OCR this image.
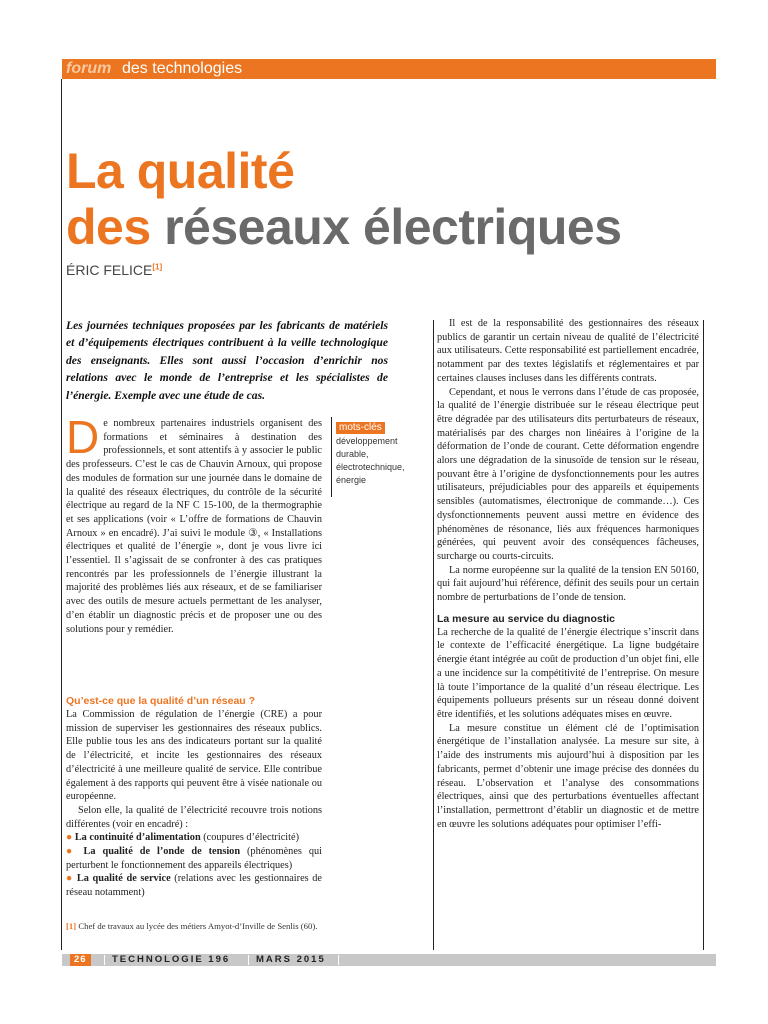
forum des technologies
La qualité
des réseaux électriques
ÉRIC FELICE[1]
Les journées techniques proposées par les fabricants de matériels et d’équipements électriques contribuent à la veille technologique des enseignants. Elles sont aussi l’occasion d’enrichir nos relations avec le monde de l’entreprise et les spécialistes de l’énergie. Exemple avec une étude de cas.
D e nombreux partenaires industriels organisent des formations et séminaires à destination des professionnels, et sont attentifs à y associer le public des professeurs. C’est le cas de Chauvin Arnoux, qui propose des modules de formation sur une journée dans le domaine de la qualité des réseaux électriques, du contrôle de la sécurité électrique au regard de la NF C 15-100, de la thermographie et ses applications (voir « L’offre de formations de Chauvin Arnoux » en encadré). J’ai suivi le module ③, « Installations électriques et qualité de l’énergie », dont je vous livre ici l’essentiel. Il s’agissait de se confronter à des cas pratiques rencontrés par les professionnels de l’énergie illustrant la majorité des problèmes liés aux réseaux, et de se familiariser avec des outils de mesure actuels permettant de les analyser, d’en établir un diagnostic précis et de proposer une ou des solutions pour y remédier.

Qu’est-ce que la qualité d’un réseau ?

La Commission de régulation de l’énergie (CRE) a pour mission de superviser les gestionnaires des réseaux publics. Elle publie tous les ans des indicateurs portant sur la qualité de l’électricité, et incite les gestionnaires des réseaux d’électricité à une meilleure qualité de service. Elle contribue également à des rapports qui peuvent être à visée nationale ou européenne.

Selon elle, la qualité de l’électricité recouvre trois notions différentes (voir en encadré) :

● La continuité d’alimentation (coupures d’électricité)
● La qualité de l’onde de tension (phénomènes qui perturbent le fonctionnement des appareils électriques)
● La qualité de service (relations avec les gestionnaires de réseau notamment)
mots-clés
développement durable,
électrotechnique,
énergie
[1] Chef de travaux au lycée des métiers Amyot-d’Inville de Senlis (60).

Il est de la responsabilité des gestionnaires des réseaux publics de garantir un certain niveau de qualité de l’électricité aux utilisateurs. Cette responsabilité est partiellement encadrée, notamment par des textes législatifs et réglementaires et par certaines clauses incluses dans les différents contrats.

Cependant, et nous le verrons dans l’étude de cas proposée, la qualité de l’énergie distribuée sur le réseau électrique peut être dégradée par des utilisateurs dits perturbateurs de réseaux, matérialisés par des charges non linéaires à l’origine de la déformation de l’onde de courant. Cette déformation engendre alors une dégradation de la sinusoïde de tension sur le réseau, pouvant être à l’origine de dysfonctionnements pour les autres utilisateurs, préjudiciables pour des appareils et équipements sensibles (automatismes, électronique de commande…). Ces dysfonctionnements peuvent aussi mettre en évidence des phénomènes de résonance, liés aux fréquences harmoniques générées, qui peuvent avoir des conséquences fâcheuses, surcharge ou courts-circuits.

La norme européenne sur la qualité de la tension EN 50160, qui fait aujourd’hui référence, définit des seuils pour un certain nombre de perturbations de l’onde de tension.

La mesure au service du diagnostic

La recherche de la qualité de l’énergie électrique s’inscrit dans le contexte de l’efficacité énergétique. La ligne budgétaire énergie étant intégrée au coût de production d’un objet fini, elle a une incidence sur la compétitivité de l’entreprise. On mesure là toute l’importance de la qualité d’un réseau électrique. Les équipements pollueurs présents sur un réseau donné doivent être identifiés, et les solutions adéquates mises en œuvre.

La mesure constitue un élément clé de l’optimisation énergétique de l’installation analysée. La mesure sur site, à l’aide des instruments mis aujourd’hui à disposition par les fabricants, permet d’obtenir une image précise des données du réseau. L’observation et l’analyse des consommations électriques, ainsi que des perturbations éventuelles affectant l’installation, permettront d’établir un diagnostic et de mettre en œuvre les solutions adéquates pour optimiser l’effi-

26	TECHNOLOGIE 196	MARS 2015
